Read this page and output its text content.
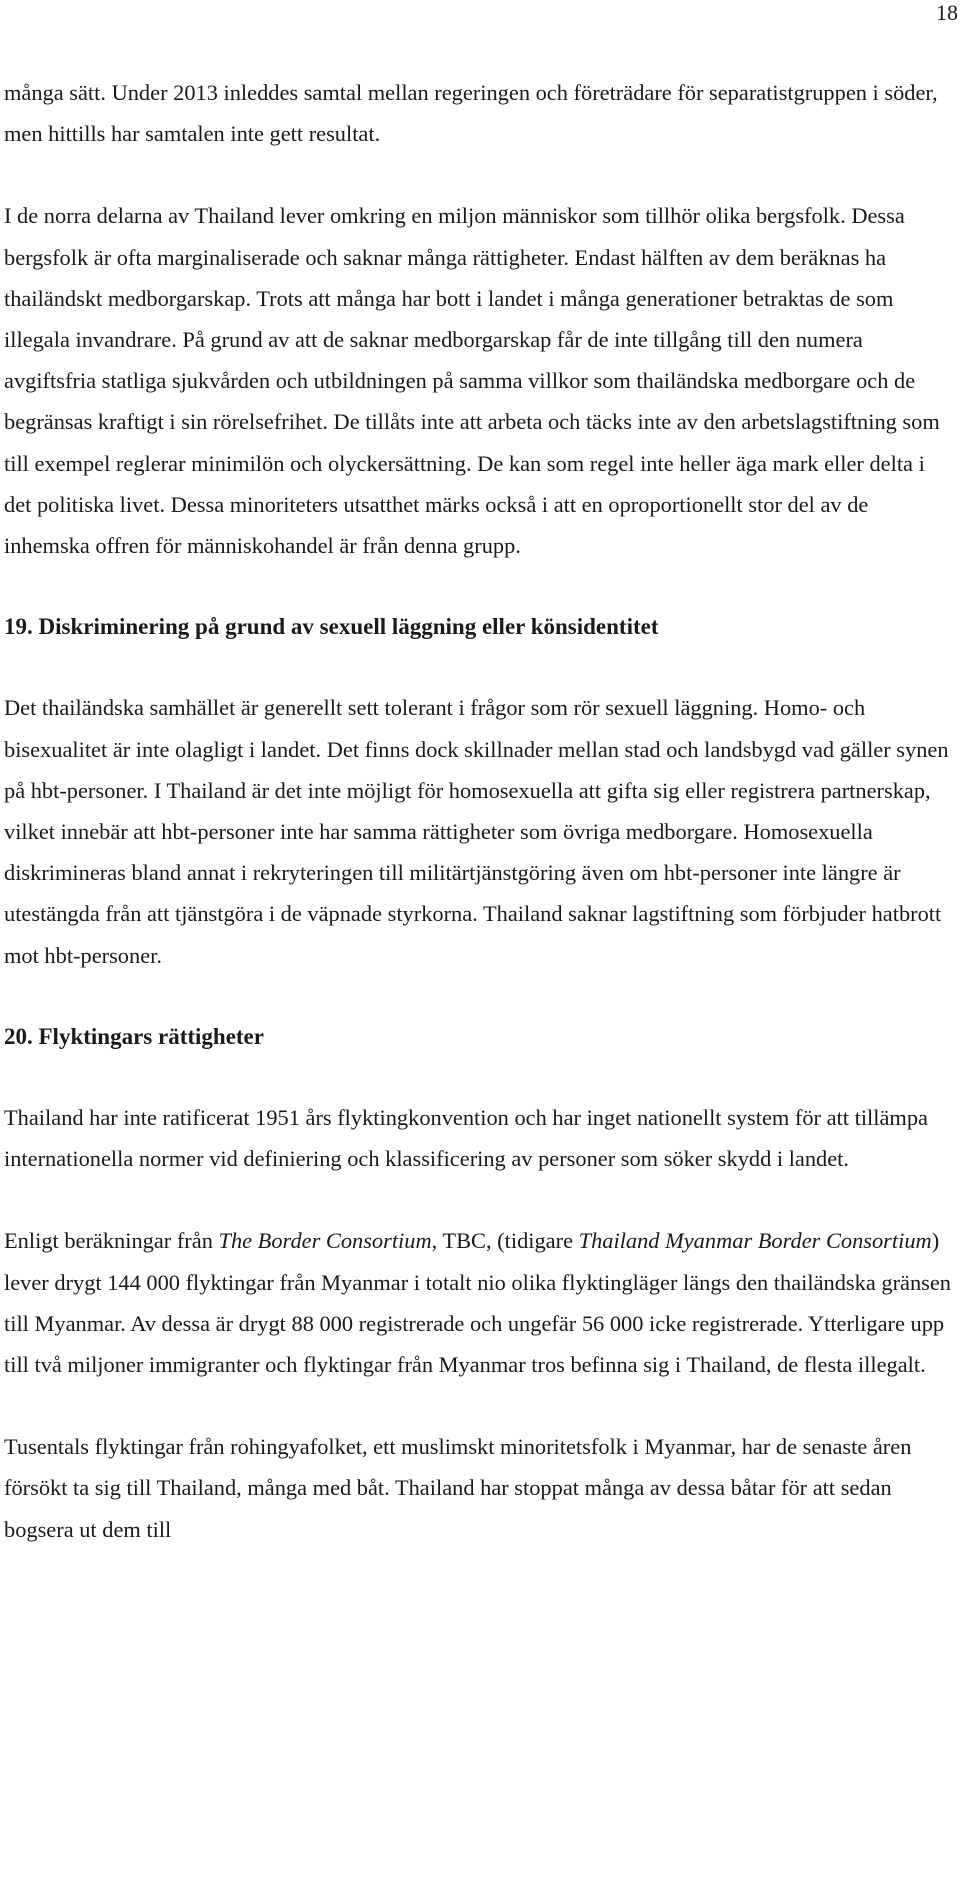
18

många sätt. Under 2013 inleddes samtal mellan regeringen och företrädare för separatistgruppen i söder, men hittills har samtalen inte gett resultat.

I de norra delarna av Thailand lever omkring en miljon människor som tillhör olika bergsfolk. Dessa bergsfolk är ofta marginaliserade och saknar många rättigheter. Endast hälften av dem beräknas ha thailändskt medborgarskap. Trots att många har bott i landet i många generationer betraktas de som illegala invandrare. På grund av att de saknar medborgarskap får de inte tillgång till den numera avgiftsfria statliga sjukvården och utbildningen på samma villkor som thailändska medborgare och de begränsas kraftigt i sin rörelsefrihet. De tillåts inte att arbeta och täcks inte av den arbetslagstiftning som till exempel reglerar minimilön och olyckersättning. De kan som regel inte heller äga mark eller delta i det politiska livet. Dessa minoriteters utsatthet märks också i att en oproportionellt stor del av de inhemska offren för människohandel är från denna grupp.

19. Diskriminering på grund av sexuell läggning eller könsidentitet

Det thailändska samhället är generellt sett tolerant i frågor som rör sexuell läggning. Homo- och bisexualitet är inte olagligt i landet. Det finns dock skillnader mellan stad och landsbygd vad gäller synen på hbt-personer. I Thailand är det inte möjligt för homosexuella att gifta sig eller registrera partnerskap, vilket innebär att hbt-personer inte har samma rättigheter som övriga medborgare. Homosexuella diskrimineras bland annat i rekryteringen till militärtjänstgöring även om hbt-personer inte längre är utestängda från att tjänstgöra i de väpnade styrkorna. Thailand saknar lagstiftning som förbjuder hatbrott mot hbt-personer.

20. Flyktingars rättigheter

Thailand har inte ratificerat 1951 års flyktingkonvention och har inget nationellt system för att tillämpa internationella normer vid definiering och klassificering av personer som söker skydd i landet.

Enligt beräkningar från The Border Consortium, TBC, (tidigare Thailand Myanmar Border Consortium) lever drygt 144 000 flyktingar från Myanmar i totalt nio olika flyktingläger längs den thailändska gränsen till Myanmar. Av dessa är drygt 88 000 registrerade och ungefär 56 000 icke registrerade. Ytterligare upp till två miljoner immigranter och flyktingar från Myanmar tros befinna sig i Thailand, de flesta illegalt.

Tusentals flyktingar från rohingyafolket, ett muslimskt minoritetsfolk i Myanmar, har de senaste åren försökt ta sig till Thailand, många med båt. Thailand har stoppat många av dessa båtar för att sedan bogsera ut dem till
